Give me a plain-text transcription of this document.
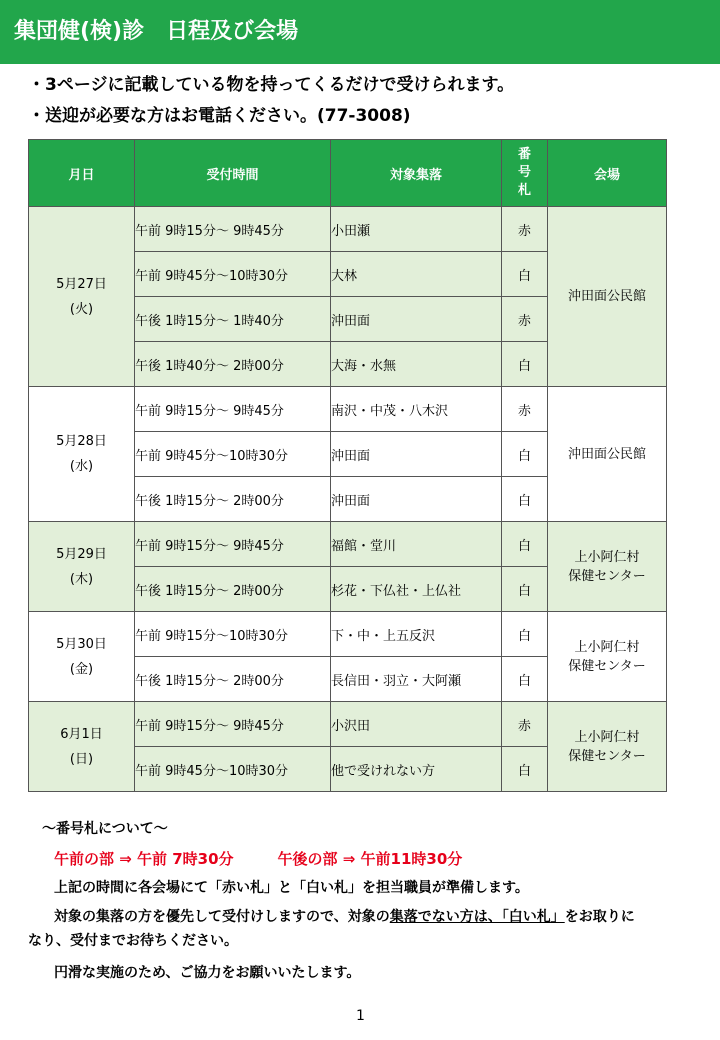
集団健(検)診　日程及び会場
・3ページに記載している物を持ってくるだけで受けられます。
・送迎が必要な方はお電話ください。(77-3008)
月日	受付時間	対象集落	番
号
札	会場
5月27日
(火)	午前 9時15分～ 9時45分	小田瀬	赤	沖田面公民館
	午前 9時45分～10時30分	大林	白	
	午後 1時15分～ 1時40分	沖田面	赤	
	午後 1時40分～ 2時00分	大海・水無	白	
5月28日
(水)	午前 9時15分～ 9時45分	南沢・中茂・八木沢	赤	沖田面公民館
	午前 9時45分～10時30分	沖田面	白	
	午後 1時15分～ 2時00分	沖田面	白	
5月29日
(木)	午前 9時15分～ 9時45分	福館・堂川	白	上小阿仁村
保健センター
	午後 1時15分～ 2時00分	杉花・下仏社・上仏社	白	
5月30日
(金)	午前 9時15分～10時30分	下・中・上五反沢	白	上小阿仁村
保健センター
	午後 1時15分～ 2時00分	長信田・羽立・大阿瀬	白	
6月1日
(日)	午前 9時15分～ 9時45分	小沢田	赤	上小阿仁村
保健センター
	午前 9時45分～10時30分	他で受けれない方	白	

～番号札について～

午前の部 ⇒ 午前 7時30分	午後の部 ⇒ 午前11時30分

上記の時間に各会場にて「赤い札」と「白い札」を担当職員が準備します。

対象の集落の方を優先して受付けしますので、対象の集落でない方は、「白い札」をお取りになり、受付までお待ちください。

円滑な実施のため、ご協力をお願いいたします。

1
